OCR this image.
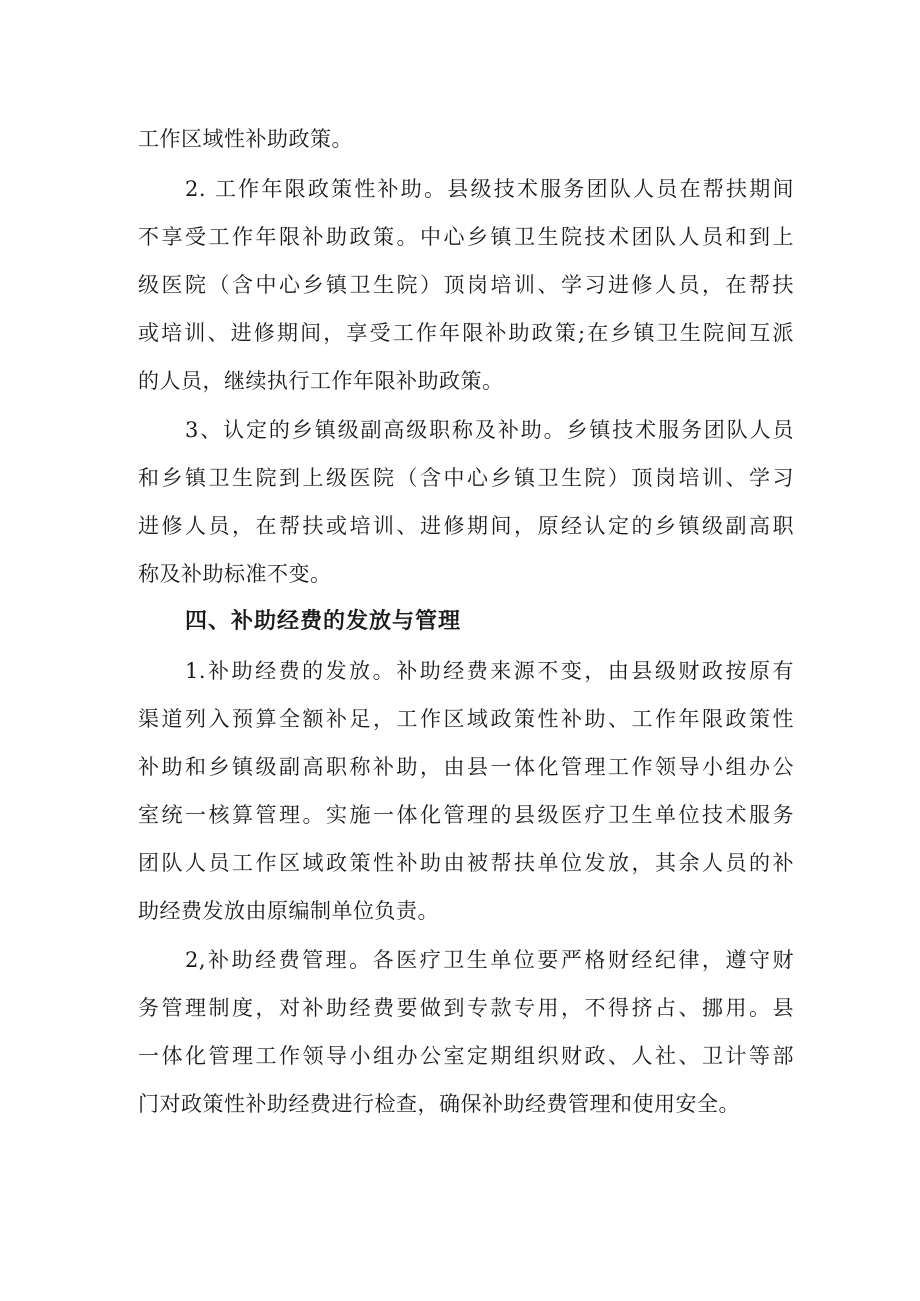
工作区域性补助政策。
2. 工作年限政策性补助。县级技术服务团队人员在帮扶期间
不享受工作年限补助政策。中心乡镇卫生院技术团队人员和到上
级医院（含中心乡镇卫生院）顶岗培训、学习进修人员，在帮扶
或培训、进修期间，享受工作年限补助政策;在乡镇卫生院间互派
的人员，继续执行工作年限补助政策。
3、认定的乡镇级副高级职称及补助。乡镇技术服务团队人员
和乡镇卫生院到上级医院（含中心乡镇卫生院）顶岗培训、学习
进修人员，在帮扶或培训、进修期间，原经认定的乡镇级副高职
称及补助标准不变。
四、补助经费的发放与管理
1.补助经费的发放。补助经费来源不变，由县级财政按原有
渠道列入预算全额补足，工作区域政策性补助、工作年限政策性
补助和乡镇级副高职称补助，由县一体化管理工作领导小组办公
室统一核算管理。实施一体化管理的县级医疗卫生单位技术服务
团队人员工作区域政策性补助由被帮扶单位发放，其余人员的补
助经费发放由原编制单位负责。
2,补助经费管理。各医疗卫生单位要严格财经纪律，遵守财
务管理制度，对补助经费要做到专款专用，不得挤占、挪用。县
一体化管理工作领导小组办公室定期组织财政、人社、卫计等部
门对政策性补助经费进行检查，确保补助经费管理和使用安全。
